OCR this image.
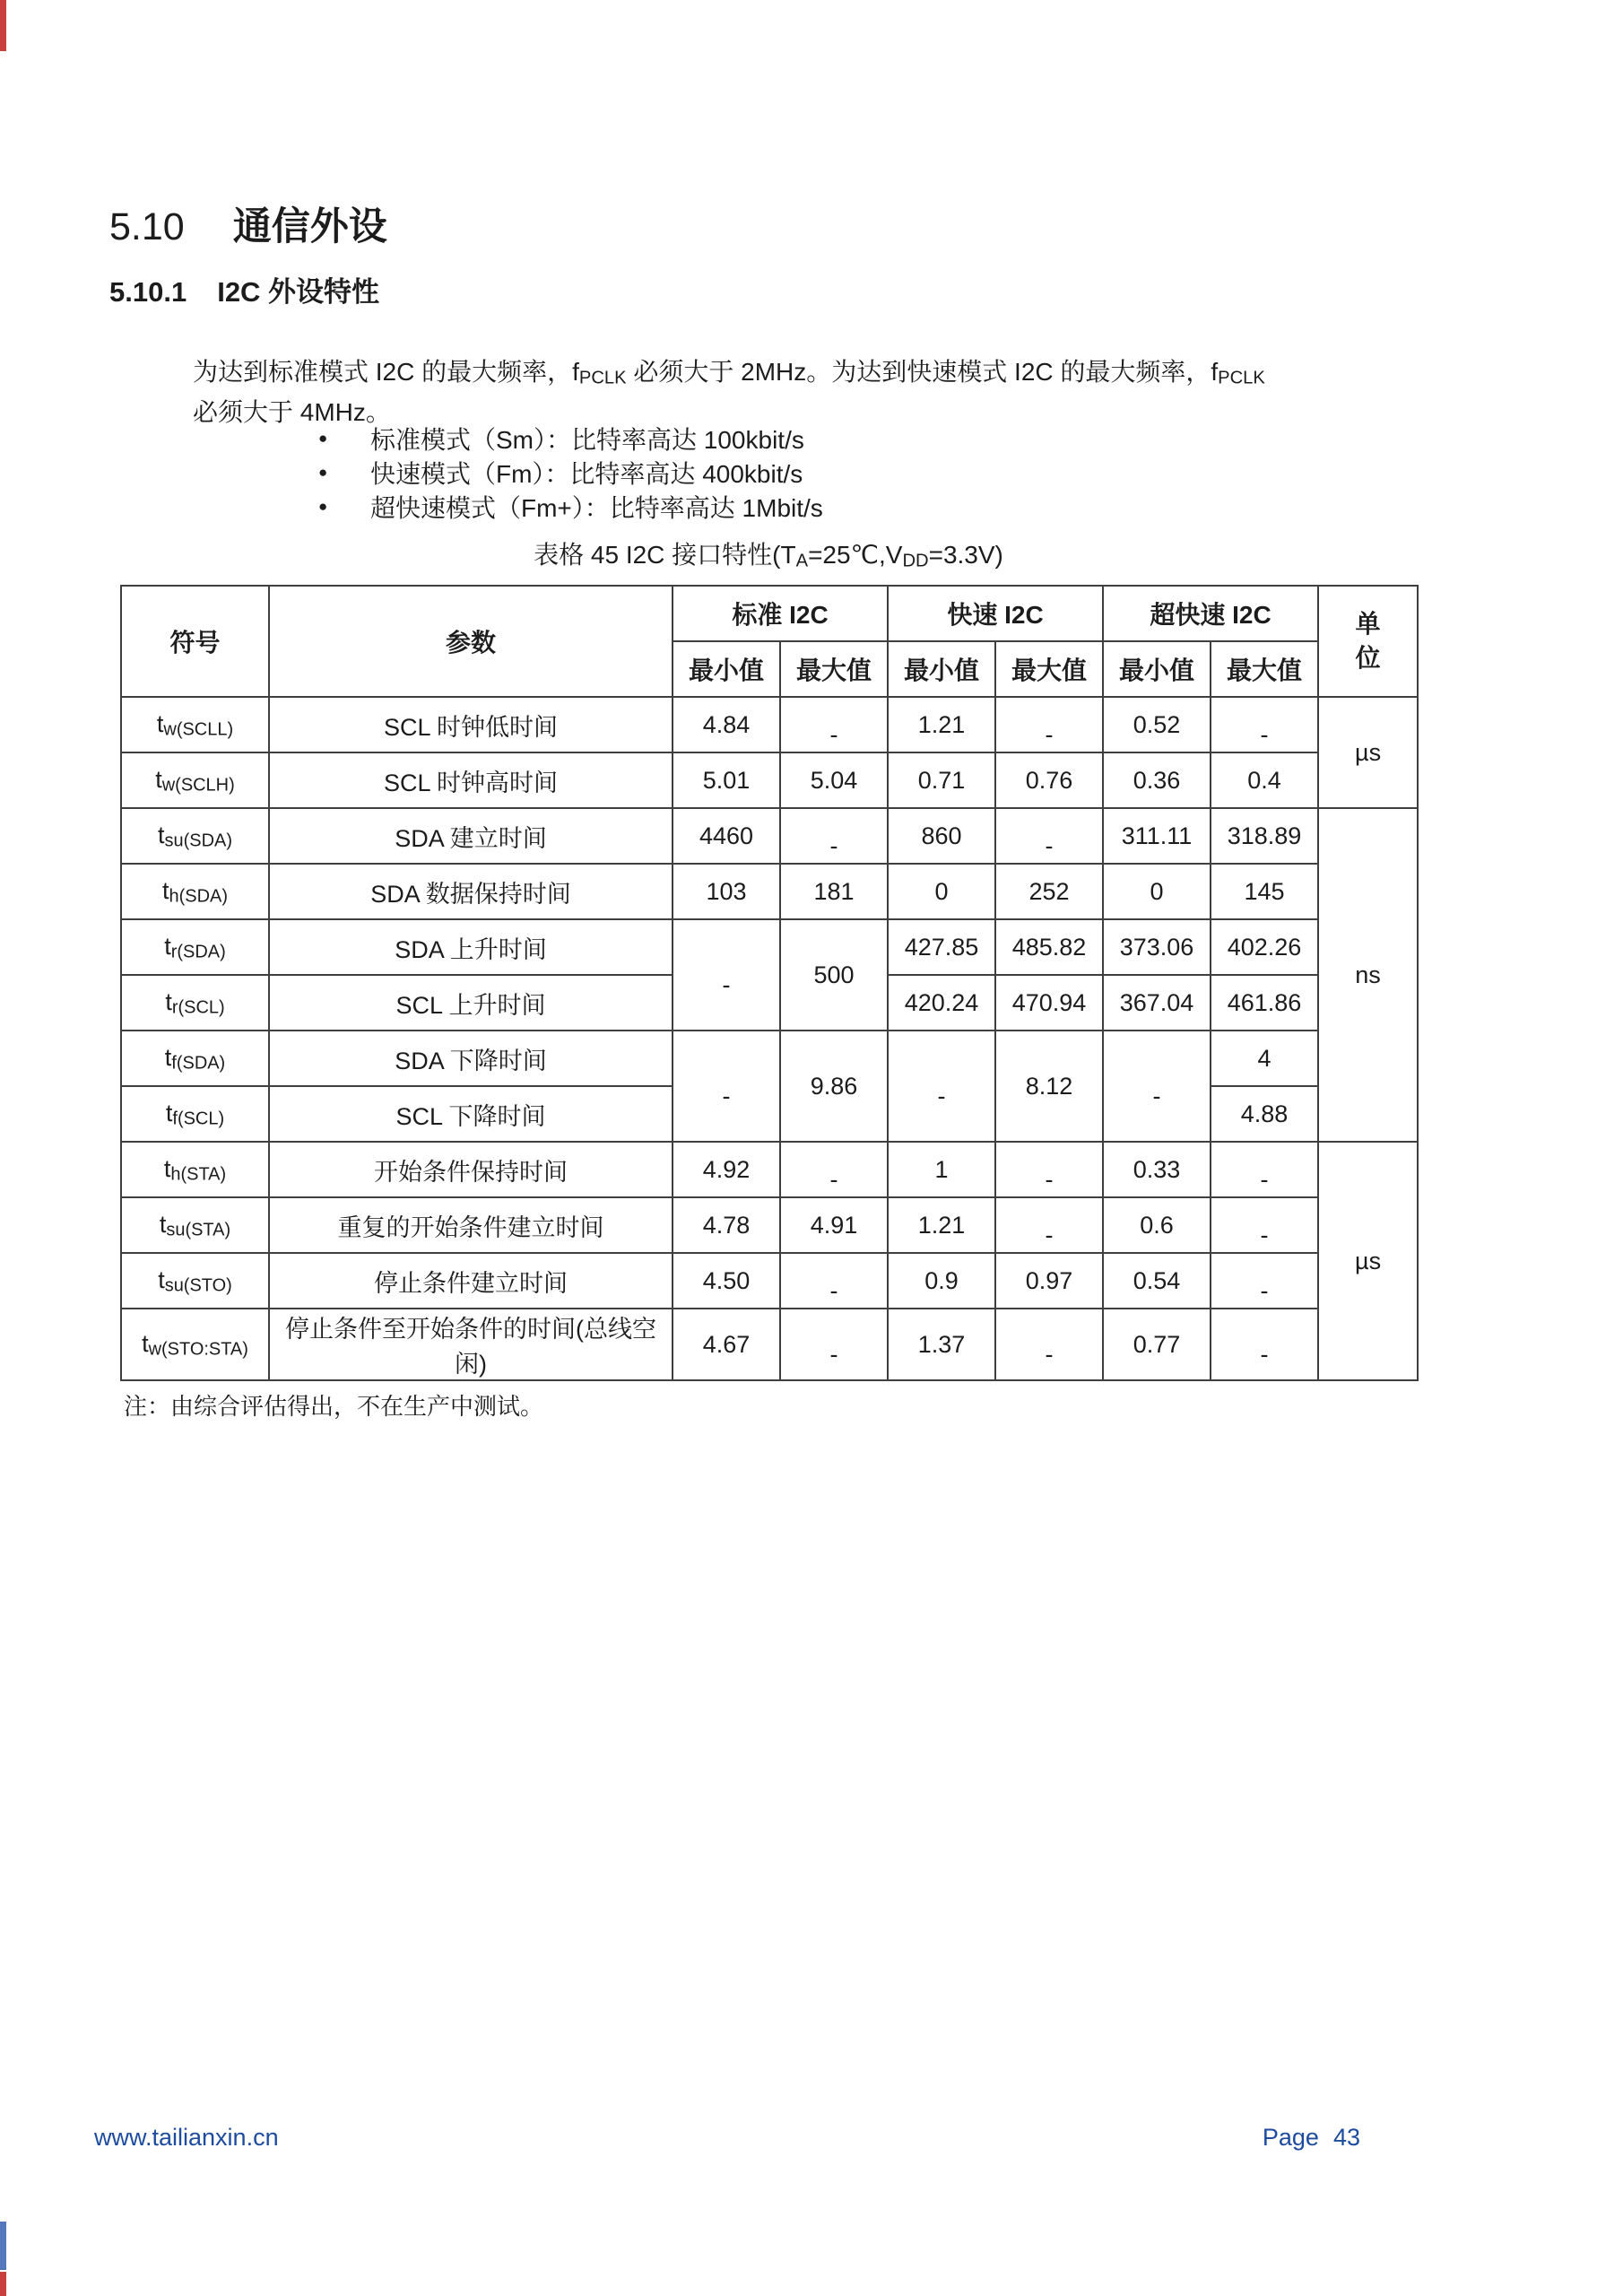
5.10 通信外设
5.10.1 I2C 外设特性

为达到标准模式 I2C 的最大频率，$f_{PCLK}$ 必须大于 2MHz。为达到快速模式 I2C 的最大频率，$f_{PCLK}$
必须大于 4MHz。

●	标准模式（Sm）：比特率高达 100kbit/s
●	快速模式（Fm）：比特率高达 400kbit/s
●	超快速模式（Fm+）：比特率高达 1Mbit/s
表格 45 I2C 接口特性$(T_A=25℃,V_{DD}=3.3V)$
符号	参数	标准 I2C		快速 I2C		超快速 I2C		单位
		最小值	最大值	最小值	最大值	最小值	最大值	
$t_{w(SCLL)}$	SCL 时钟低时间	4.84	-	1.21	-	0.52	-	µs
$t_{w(SCLH)}$	SCL 时钟高时间	5.01	5.04	0.71	0.76	0.36	0.4	
$t_{su(SDA)}$	SDA 建立时间	4460	-	860	-	311.11	318.89	ns
$t_{h(SDA)}$	SDA 数据保持时间	103	181	0	252	0	145	
$t_{r(SDA)}$	SDA 上升时间	-	500	427.85	485.82	373.06	402.26	
$t_{r(SCL)}$	SCL 上升时间			420.24	470.94	367.04	461.86	
$t_{f(SDA)}$	SDA 下降时间	-	9.86	-	8.12	-	4	
$t_{f(SCL)}$	SCL 下降时间						4.88	
$t_{h(STA)}$	开始条件保持时间	4.92	-	1	-	0.33	-	µs
$t_{su(STA)}$	重复的开始条件建立时间	4.78	4.91	1.21	-	0.6	-	
$t_{su(STO)}$	停止条件建立时间	4.50	-	0.9	0.97	0.54	-	
$t_{w(STO:STA)}$	停止条件至开始条件的时间(总线空闲)	4.67	-	1.37	-	0.77	-	
注：由综合评估得出，不在生产中测试。
www.tailianxin.cn	Page 43
